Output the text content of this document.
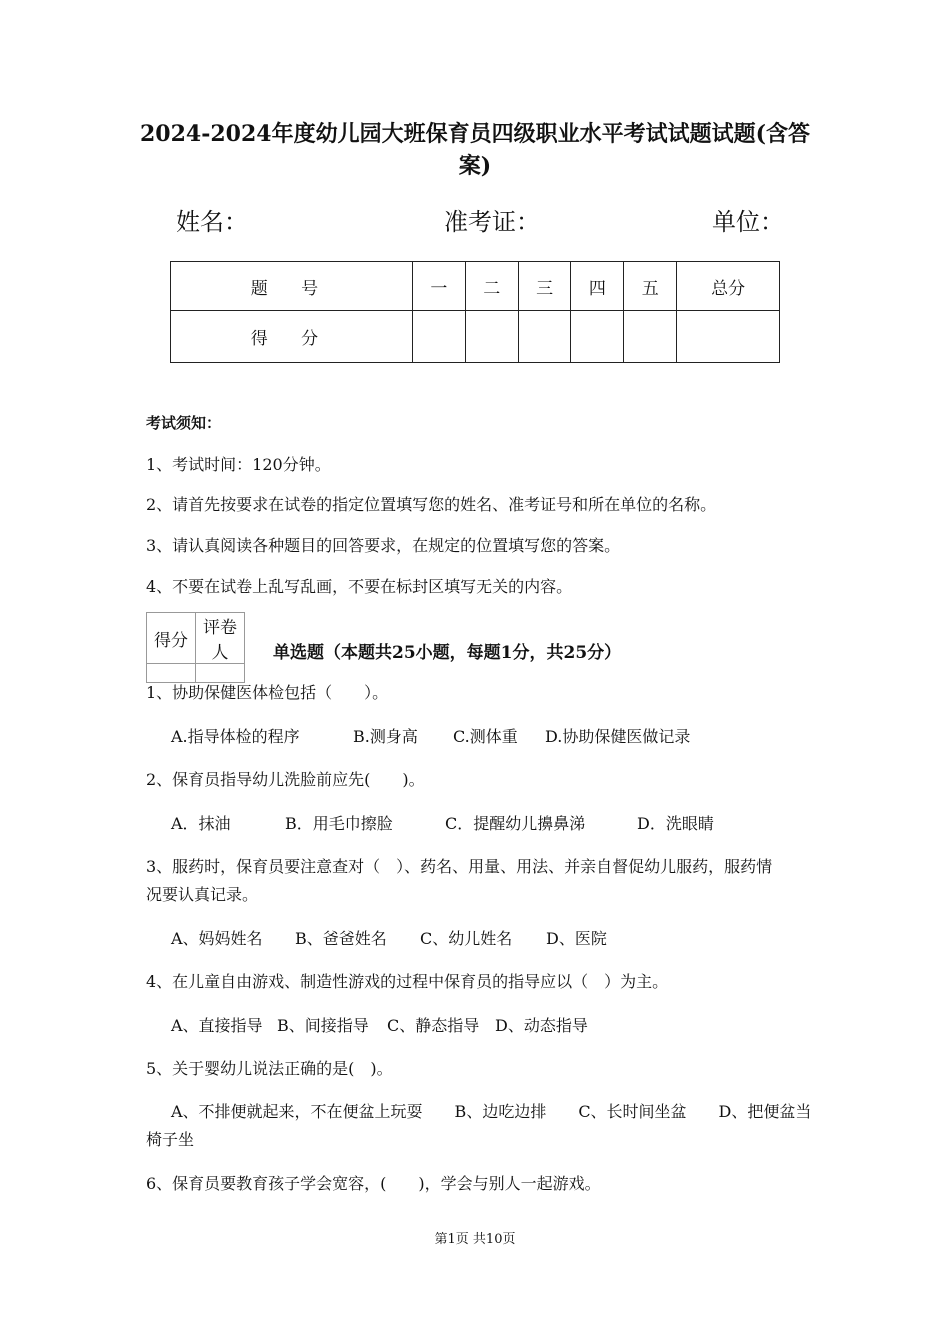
2024-2024年度幼儿园大班保育员四级职业水平考试试题试题(含答案)
姓名：	准考证：	单位：
题 号	一	二	三	四	五	总分
得 分						
考试须知：
1、考试时间：120分钟。
2、请首先按要求在试卷的指定位置填写您的姓名、准考证号和所在单位的名称。
3、请认真阅读各种题目的回答要求，在规定的位置填写您的答案。
4、不要在试卷上乱写乱画，不要在标封区填写无关的内容。
得分	评卷人
		单选题（本题共25小题，每题1分，共25分）
1、协助保健医体检包括（　　）。
A.指导体检的程序	B.测身高 C.测体重 D.协助保健医做记录
2、保育员指导幼儿洗脸前应先(　　)。
A．抹油	B．用毛巾擦脸	C．提醒幼儿擤鼻涕	D．洗眼睛
3、服药时，保育员要注意查对（　）、药名、用量、用法、并亲自督促幼儿服药，服药情
况要认真记录。
A、妈妈姓名 B、爸爸姓名 C、幼儿姓名 D、医院
4、在儿童自由游戏、制造性游戏的过程中保育员的指导应以（　）为主。
A、直接指导 B、间接指导 C、静态指导 D、动态指导
5、关于婴幼儿说法正确的是(　)。
A、不排便就起来，不在便盆上玩耍　　B、边吃边排　　C、长时间坐盆　　D、把便盆当
椅子坐
6、保育员要教育孩子学会宽容，(　　)，学会与别人一起游戏。
第1页 共10页
